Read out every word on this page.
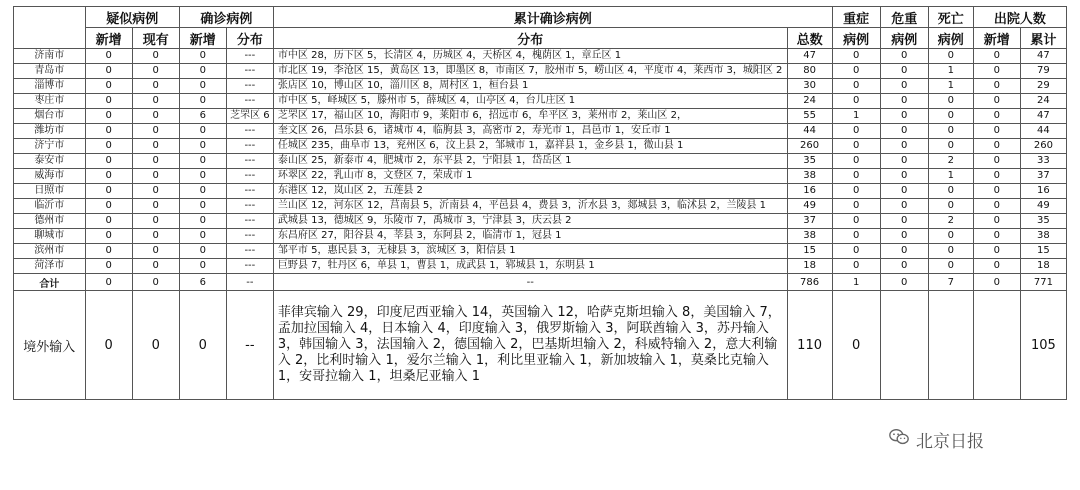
	疑似病例		确诊病例		累计确诊病例		重症	危重	死亡	出院人数	
	新增	现有	新增	分布	分布	总数	病例	病例	病例	新增	累计
济南市	0	0	0	---	市中区 28，历下区 5，长清区 4，历城区 4，天桥区 4，槐荫区 1，章丘区 1	47	0	0	0	0	47
青岛市	0	0	0	---	市北区 19，李沧区 15，黄岛区 13，即墨区 8，市南区 7，胶州市 5，崂山区 4，平度市 4，莱西市 3，城阳区 2	80	0	0	1	0	79
淄博市	0	0	0	---	张店区 10，博山区 10，淄川区 8，周村区 1，桓台县 1	30	0	0	1	0	29
枣庄市	0	0	0	---	市中区 5，峄城区 5，滕州市 5，薛城区 4，山亭区 4，台儿庄区 1	24	0	0	0	0	24
烟台市	0	0	6	芝罘区 6	芝罘区 17，福山区 10，海阳市 9，莱阳市 6，招远市 6，牟平区 3，莱州市 2，莱山区 2，	55	1	0	0	0	47
潍坊市	0	0	0	---	奎文区 26，昌乐县 6，诸城市 4，临朐县 3，高密市 2，寿光市 1，昌邑市 1，安丘市 1	44	0	0	0	0	44
济宁市	0	0	0	---	任城区 235，曲阜市 13，兖州区 6，汶上县 2，邹城市 1，嘉祥县 1，金乡县 1，微山县 1	260	0	0	0	0	260
泰安市	0	0	0	---	泰山区 25，新泰市 4，肥城市 2，东平县 2，宁阳县 1，岱岳区 1	35	0	0	2	0	33
威海市	0	0	0	---	环翠区 22，乳山市 8，文登区 7，荣成市 1	38	0	0	1	0	37
日照市	0	0	0	---	东港区 12，岚山区 2，五莲县 2	16	0	0	0	0	16
临沂市	0	0	0	---	兰山区 12，河东区 12，莒南县 5，沂南县 4，平邑县 4，费县 3，沂水县 3，郯城县 3，临沭县 2，兰陵县 1	49	0	0	0	0	49
德州市	0	0	0	---	武城县 13，德城区 9，乐陵市 7，禹城市 3，宁津县 3，庆云县 2	37	0	0	2	0	35
聊城市	0	0	0	---	东昌府区 27，阳谷县 4，莘县 3，东阿县 2，临清市 1，冠县 1	38	0	0	0	0	38
滨州市	0	0	0	---	邹平市 5，惠民县 3，无棣县 3，滨城区 3，阳信县 1	15	0	0	0	0	15
菏泽市	0	0	0	---	巨野县 7，牡丹区 6，单县 1，曹县 1，成武县 1，郓城县 1，东明县 1	18	0	0	0	0	18
合计	0	0	6	--	--	786	1	0	7	0	771
境外输入	0	0	0	--	菲律宾输入 29，印度尼西亚输入 14，英国输入 12，哈萨克斯坦输入 8，美国输入 7，孟加拉国输入 4，日本输入 4，印度输入 3，俄罗斯输入 3，阿联酋输入 3，苏丹输入 3，韩国输入 3，法国输入 2，德国输入 2，巴基斯坦输入 2，科威特输入 2，意大利输入 2，比利时输入 1，爱尔兰输入 1，利比里亚输入 1，新加坡输入 1，莫桑比克输入 1，安哥拉输入 1，坦桑尼亚输入 1	110	0				105
北京日报
